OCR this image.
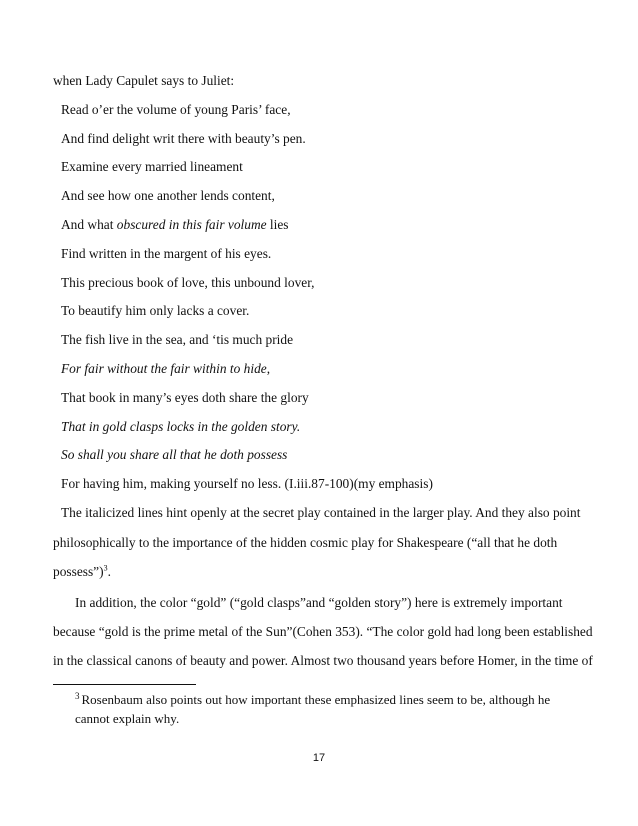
when Lady Capulet says to Juliet:
Read o’er the volume of young Paris’ face,
And find delight writ there with beauty’s pen.
Examine every married lineament
And see how one another lends content,
And what obscured in this fair volume lies
Find written in the margent of his eyes.
This precious book of love, this unbound lover,
To beautify him only lacks a cover.
The fish live in the sea, and ‘tis much pride
For fair without the fair within to hide,
That book in many’s eyes doth share the glory
That in gold clasps locks in the golden story.
So shall you share all that he doth possess
For having him, making yourself no less. (I.iii.87-100)(my emphasis)
The italicized lines hint openly at the secret play contained in the larger play. And they also point
philosophically to the importance of the hidden cosmic play for Shakespeare (“all that he doth
possess”)$^3$.
In addition, the color “gold” (“gold clasps”and “golden story”) here is extremely important
because “gold is the prime metal of the Sun”(Cohen 353). “The color gold had long been established
in the classical canons of beauty and power. Almost two thousand years before Homer, in the time of
$^3$ Rosenbaum also points out how important these emphasized lines seem to be, although he
cannot explain why.
17
